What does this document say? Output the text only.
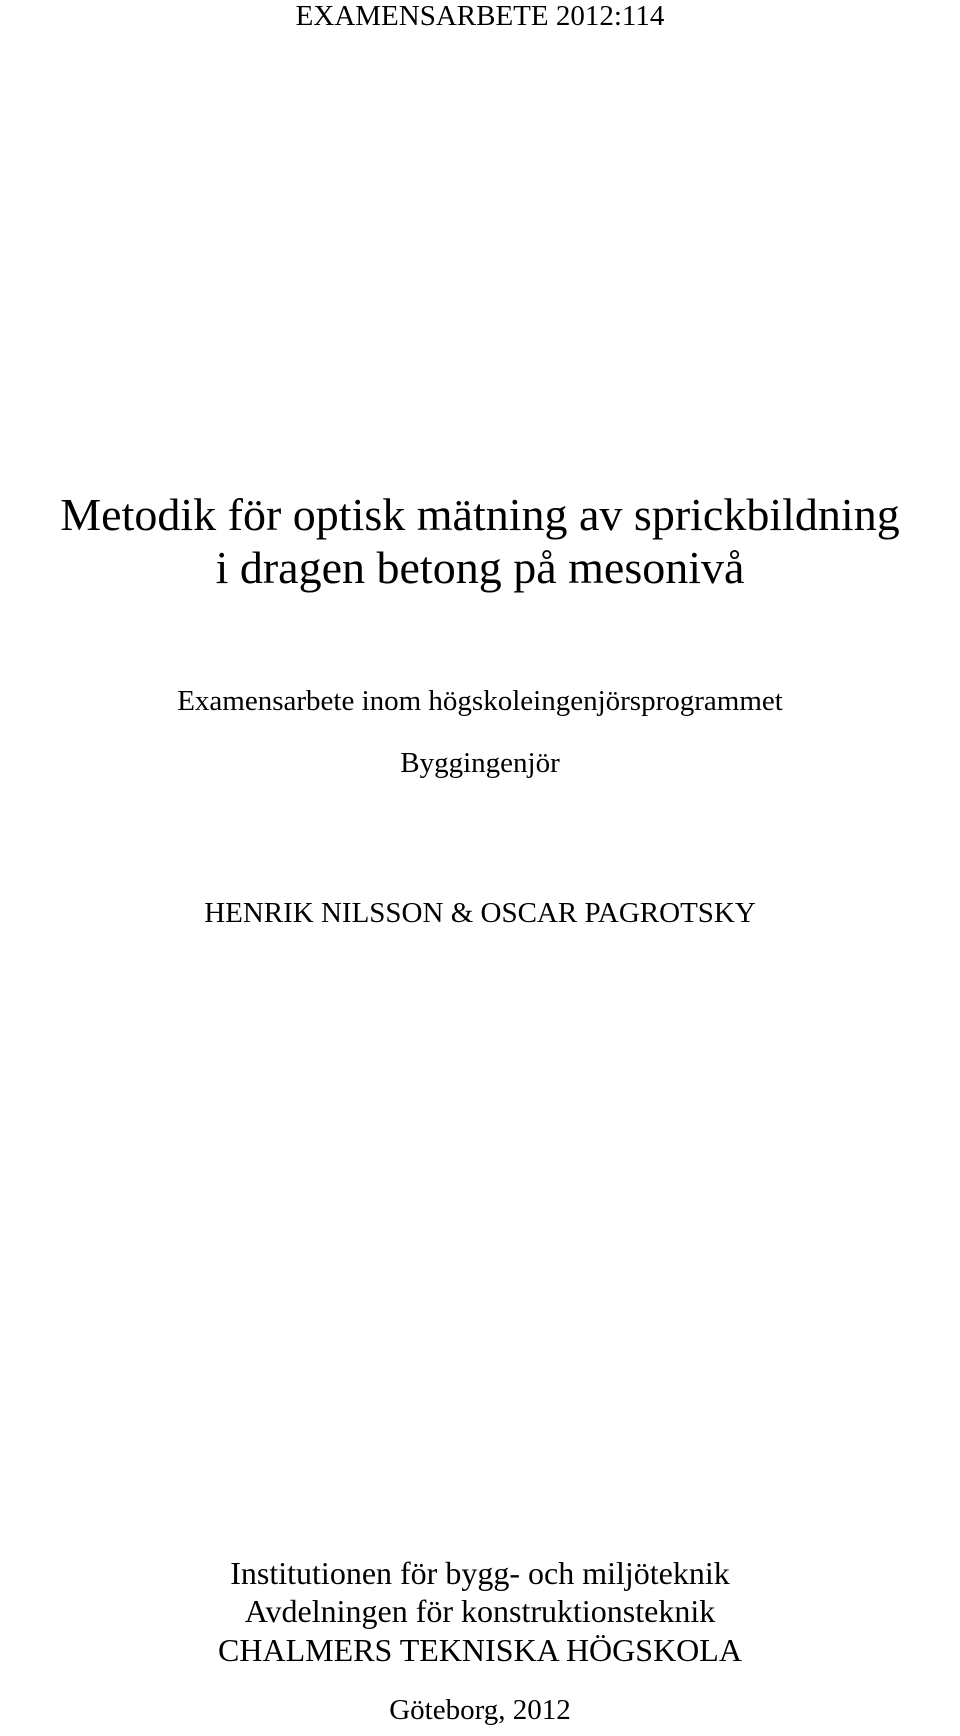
EXAMENSARBETE 2012:114
Metodik för optisk mätning av sprickbildning
i dragen betong på mesonivå
Examensarbete inom högskoleingenjörsprogrammet
Byggingenjör
HENRIK NILSSON & OSCAR PAGROTSKY
Institutionen för bygg- och miljöteknik
Avdelningen för konstruktionsteknik
CHALMERS TEKNISKA HÖGSKOLA
Göteborg, 2012
